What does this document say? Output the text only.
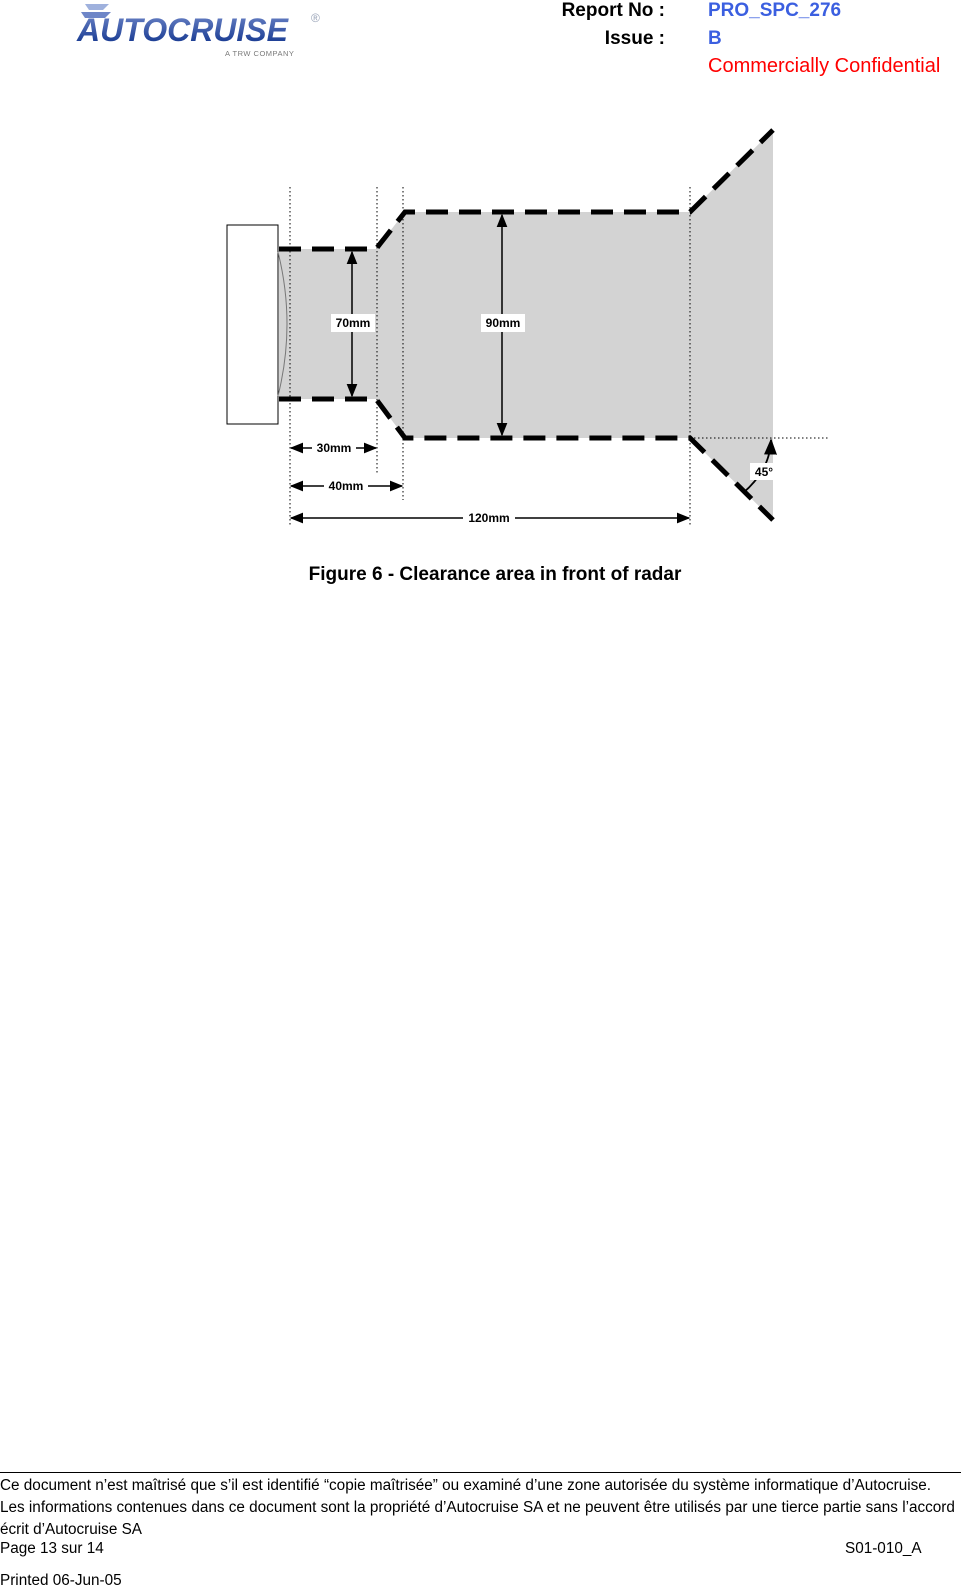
AUTOCRUISE ®
A TRW COMPANY
Report No : PRO_SPC_276
Issue : B
Commercially Confidential
70mm	90mm
30mm
40mm
120mm
45°
Figure 6 - Clearance area in front of radar
Ce document n’est maîtrisé que s’il est identifié “copie maîtrisée” ou examiné d’une zone autorisée du système informatique d’Autocruise. Les informations contenues dans ce document sont la propriété d’Autocruise SA et ne peuvent être utilisés par une tierce partie sans l’accord écrit d’Autocruise SA
Page 13 sur 14	S01-010_A
Printed 06-Jun-05
